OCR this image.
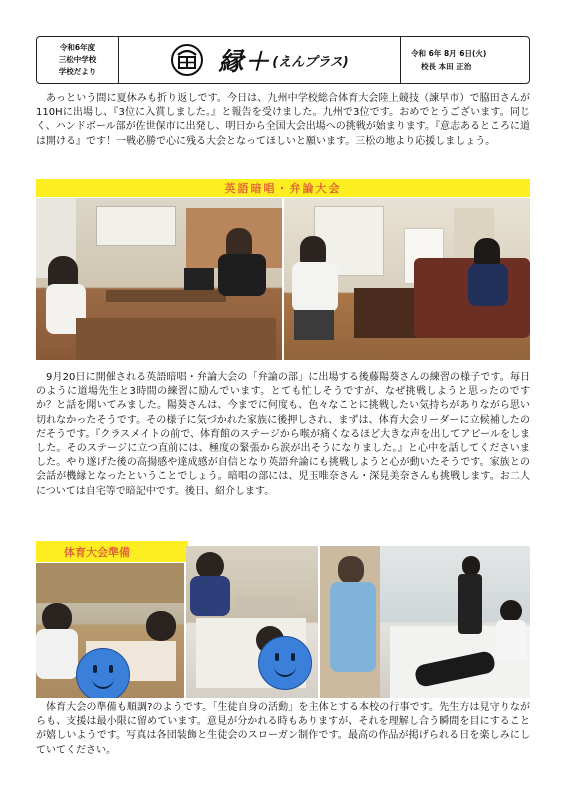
令和6年度
三松中学校
学校だより	縁＋ (えんプラス)
令和 6年 8月 6日(火)
校長 本田 正治

あっという間に夏休みも折り返しです。今日は、九州中学校総合体育大会陸上競技（諫早市）で脇田さんが110Hに出場し、『3位に入賞しました。』と報告を受けました。九州で3位です。おめでとうございます。同じく、ハンドボール部が佐世保市に出発し、明日から全国大会出場への挑戦が始まります。『意志あるところに道は開ける』です！一戦必勝で心に残る大会となってほしいと願います。三松の地より応援しましょう。

英語暗唱・弁論大会

9月20日に開催される英語暗唱・弁論大会の「弁論の部」に出場する後藤陽葵さんの練習の様子です。毎日のように道場先生と3時間の練習に励んでいます。とても忙しそうですが、なぜ挑戦しようと思ったのですか？と話を聞いてみました。陽葵さんは、今までに何度も、色々なことに挑戦したい気持ちがありながら思い切れなかったそうです。その様子に気づかれた家族に後押しされ、まずは、体育大会リーダーに立候補したのだそうです。『クラスメイトの前で、体育館のステージから喉が痛くなるほど大きな声を出してアピールをしました。そのステージに立つ直前には、極度の緊張から涙が出そうになりました。』と心中を話してくださいました。やり遂げた後の高揚感や達成感が自信となり英語弁論にも挑戦しようと心が動いたそうです。家族との会話が機縁となったということでしょう。暗唱の部には、児玉唯奈さん・深見美奈さんも挑戦します。お二人については自宅等で暗記中です。後日、紹介します。

体育大会準備

体育大会の準備も順調?のようです。「生徒自身の活動」を主体とする本校の行事です。先生方は見守りながらも、支援は最小限に留めています。意見が分かれる時もありますが、それを理解し合う瞬間を目にすることが嬉しいようです。写真は各団装飾と生徒会のスローガン制作です。最高の作品が掲げられる日を楽しみにしていてください。
